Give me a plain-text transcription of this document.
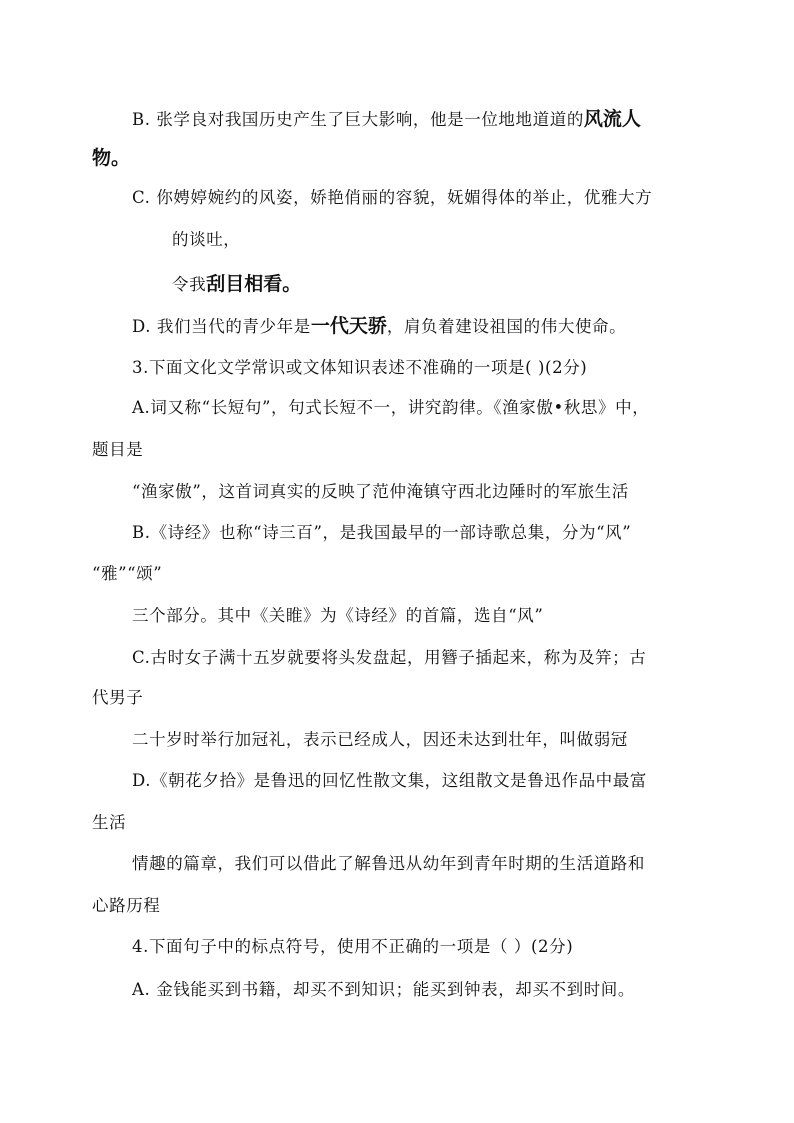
B. 张学良对我国历史产生了巨大影响，他是一位地地道道的风流人
物。
C. 你娉婷婉约的风姿，娇艳俏丽的容貌，妩媚得体的举止，优雅大方
的谈吐，
令我刮目相看。
D. 我们当代的青少年是一代天骄，肩负着建设祖国的伟大使命。
3.下面文化文学常识或文体知识表述不准确的一项是( )(2分)
A.词又称“长短句”，句式长短不一，讲究韵律。《渔家傲•秋思》中，
题目是
“渔家傲”，这首词真实的反映了范仲淹镇守西北边陲时的军旅生活
B.《诗经》也称“诗三百”，是我国最早的一部诗歌总集，分为“风”
“雅”“颂”
三个部分。其中《关睢》为《诗经》的首篇，选自“风”
C.古时女子满十五岁就要将头发盘起，用簪子插起来，称为及笄；古
代男子
二十岁时举行加冠礼，表示已经成人，因还未达到壮年，叫做弱冠
D.《朝花夕拾》是鲁迅的回忆性散文集，这组散文是鲁迅作品中最富
生活
情趣的篇章，我们可以借此了解鲁迅从幼年到青年时期的生活道路和
心路历程
4.下面句子中的标点符号，使用不正确的一项是（ ）(2分)
A. 金钱能买到书籍，却买不到知识；能买到钟表，却买不到时间。
